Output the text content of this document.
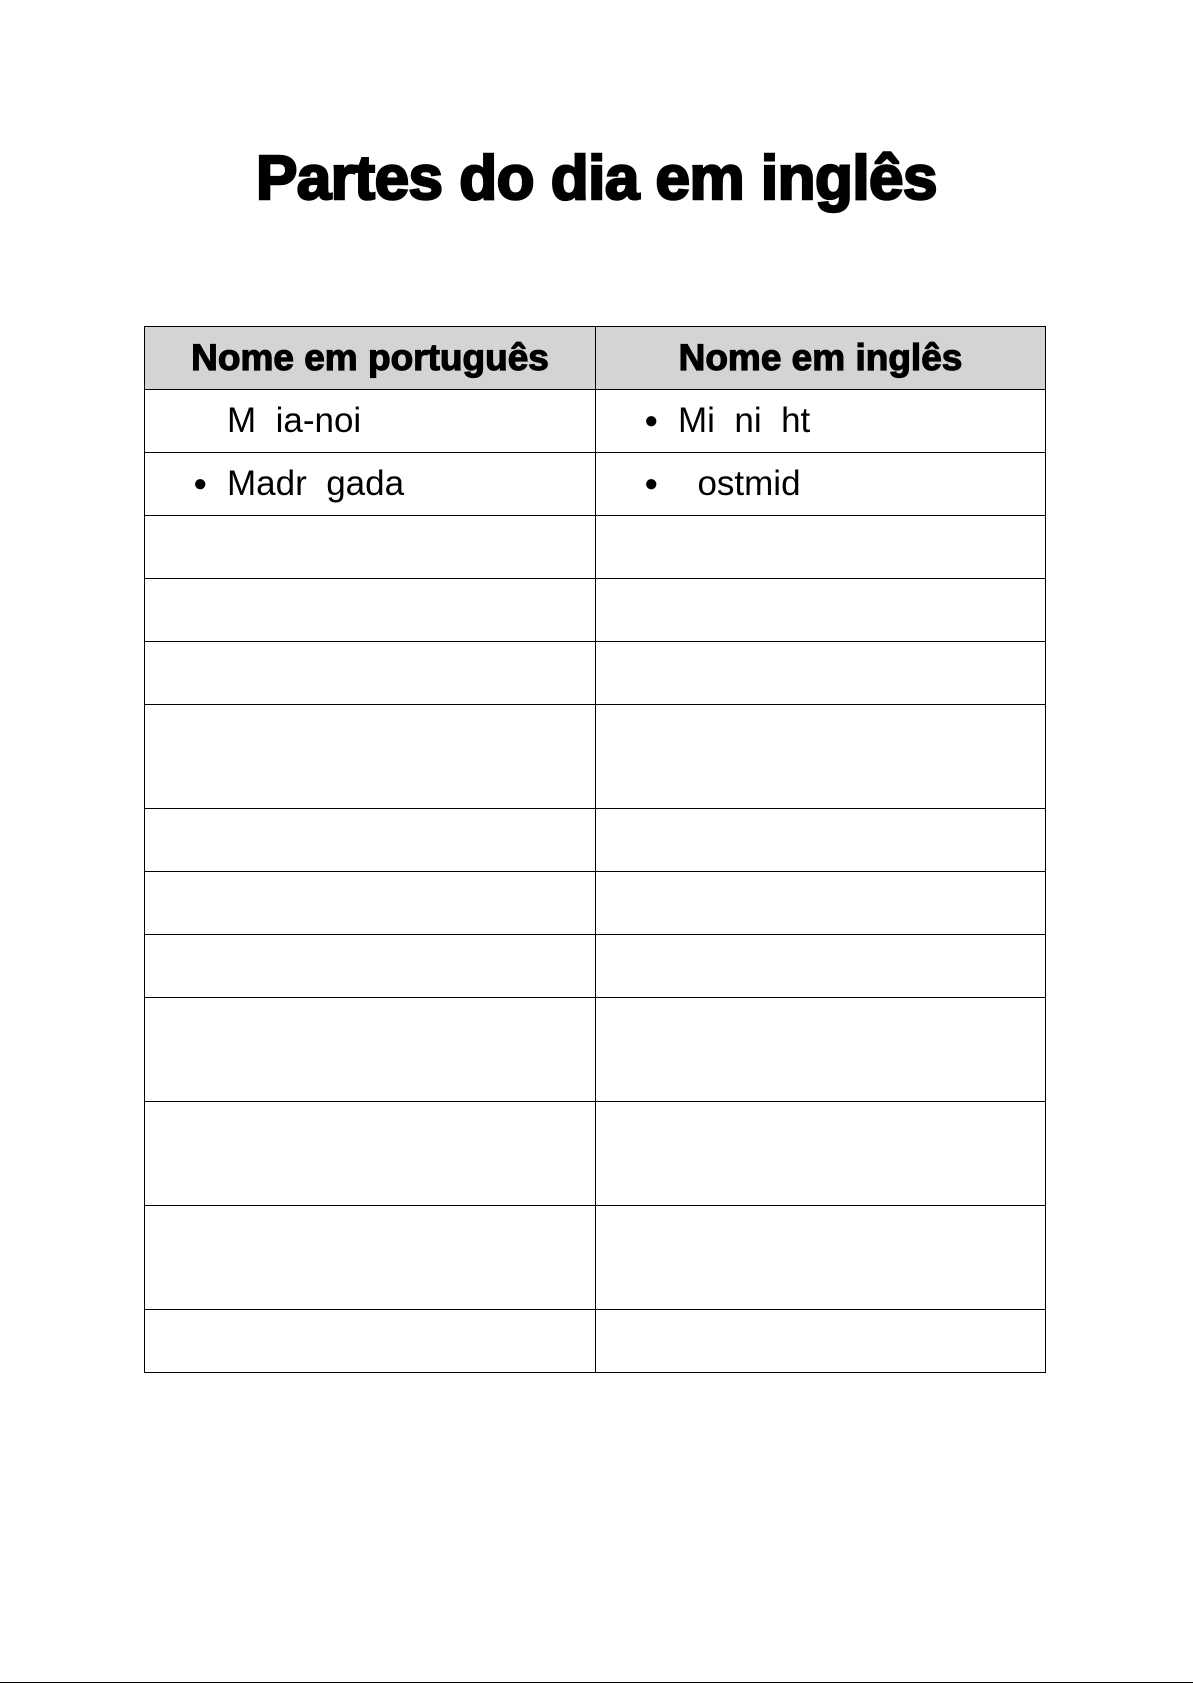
Partes do dia em inglês
Nome em português	Nome em inglês

M  ia-noi	● Mi  ni  ht

● Madr  gada	● ostmid
